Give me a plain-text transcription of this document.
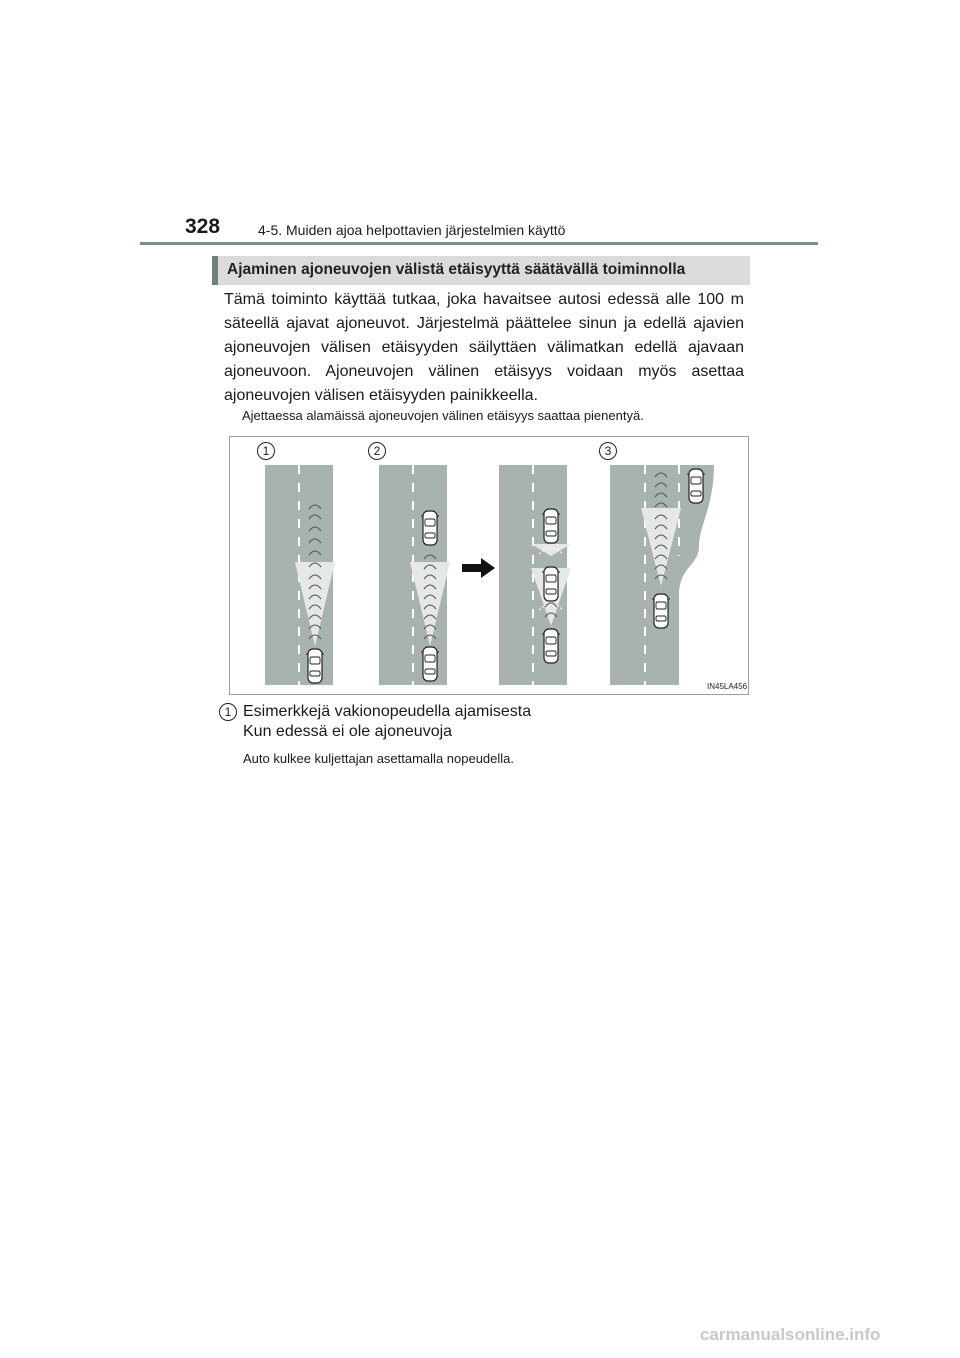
328	4-5. Muiden ajoa helpottavien järjestelmien käyttö
Ajaminen ajoneuvojen välistä etäisyyttä säätävällä toiminnolla

Tämä toiminto käyttää tutkaa, joka havaitsee autosi edessä alle 100 m säteellä ajavat ajoneuvot. Järjestelmä päättelee sinun ja edellä ajavien ajoneuvojen välisen etäisyyden säilyttäen välimatkan edellä ajavaan ajoneuvoon. Ajoneuvojen välinen etäisyys voidaan myös asettaa ajoneuvojen välisen etäisyyden painikkeella.

Ajettaessa alamäissä ajoneuvojen välinen etäisyys saattaa pienentyä.
IN45LA456
1	2	3
1 Esimerkkejä vakionopeudella ajamisesta
Kun edessä ei ole ajoneuvoja
Auto kulkee kuljettajan asettamalla nopeudella.
carmanualsonline.info
